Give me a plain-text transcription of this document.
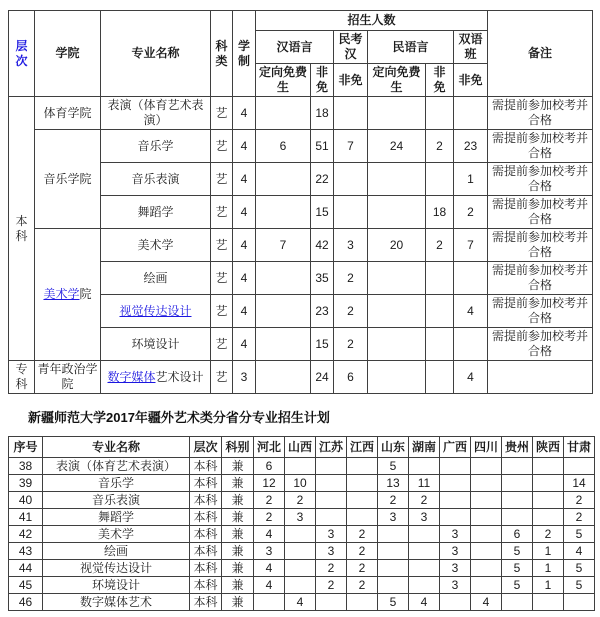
层次	学院	专业名称	科类	学制	招生人数						备注
					汉语言		民考汉	民语言		双语班	
					定向免费生	非免	非免	定向免费生	非免	非免	
本科	体育学院	表演（体育艺术表演）	艺	4		18					需提前参加校考并合格
	音乐学院	音乐学	艺	4	6	51	7	24	2	23	需提前参加校考并合格
		音乐表演	艺	4		22				1	需提前参加校考并合格
		舞蹈学	艺	4		15			18	2	需提前参加校考并合格
	美术学院	美术学	艺	4	7	42	3	20	2	7	需提前参加校考并合格
		绘画	艺	4		35	2				需提前参加校考并合格
		视觉传达设计	艺	4		23	2			4	需提前参加校考并合格
		环境设计	艺	4		15	2				需提前参加校考并合格
专科	青年政治学院	数字媒体艺术设计	艺	3		24	6			4	
新疆师范大学2017年疆外艺术类分省分专业招生计划
序号	专业名称	层次	科别	河北	山西	江苏	江西	山东	湖南	广西	四川	贵州	陕西	甘肃
38	表演（体育艺术表演）	本科	兼	6				5						
39	音乐学	本科	兼	12	10			13	11					14
40	音乐表演	本科	兼	2	2			2	2					2
41	舞蹈学	本科	兼	2	3			3	3					2
42	美术学	本科	兼	4		3	2			3		6	2	5
43	绘画	本科	兼	3		3	2			3		5	1	4
44	视觉传达设计	本科	兼	4		2	2			3		5	1	5
45	环境设计	本科	兼	4		2	2			3		5	1	5
46	数字媒体艺术	本科	兼		4			5	4		4			
